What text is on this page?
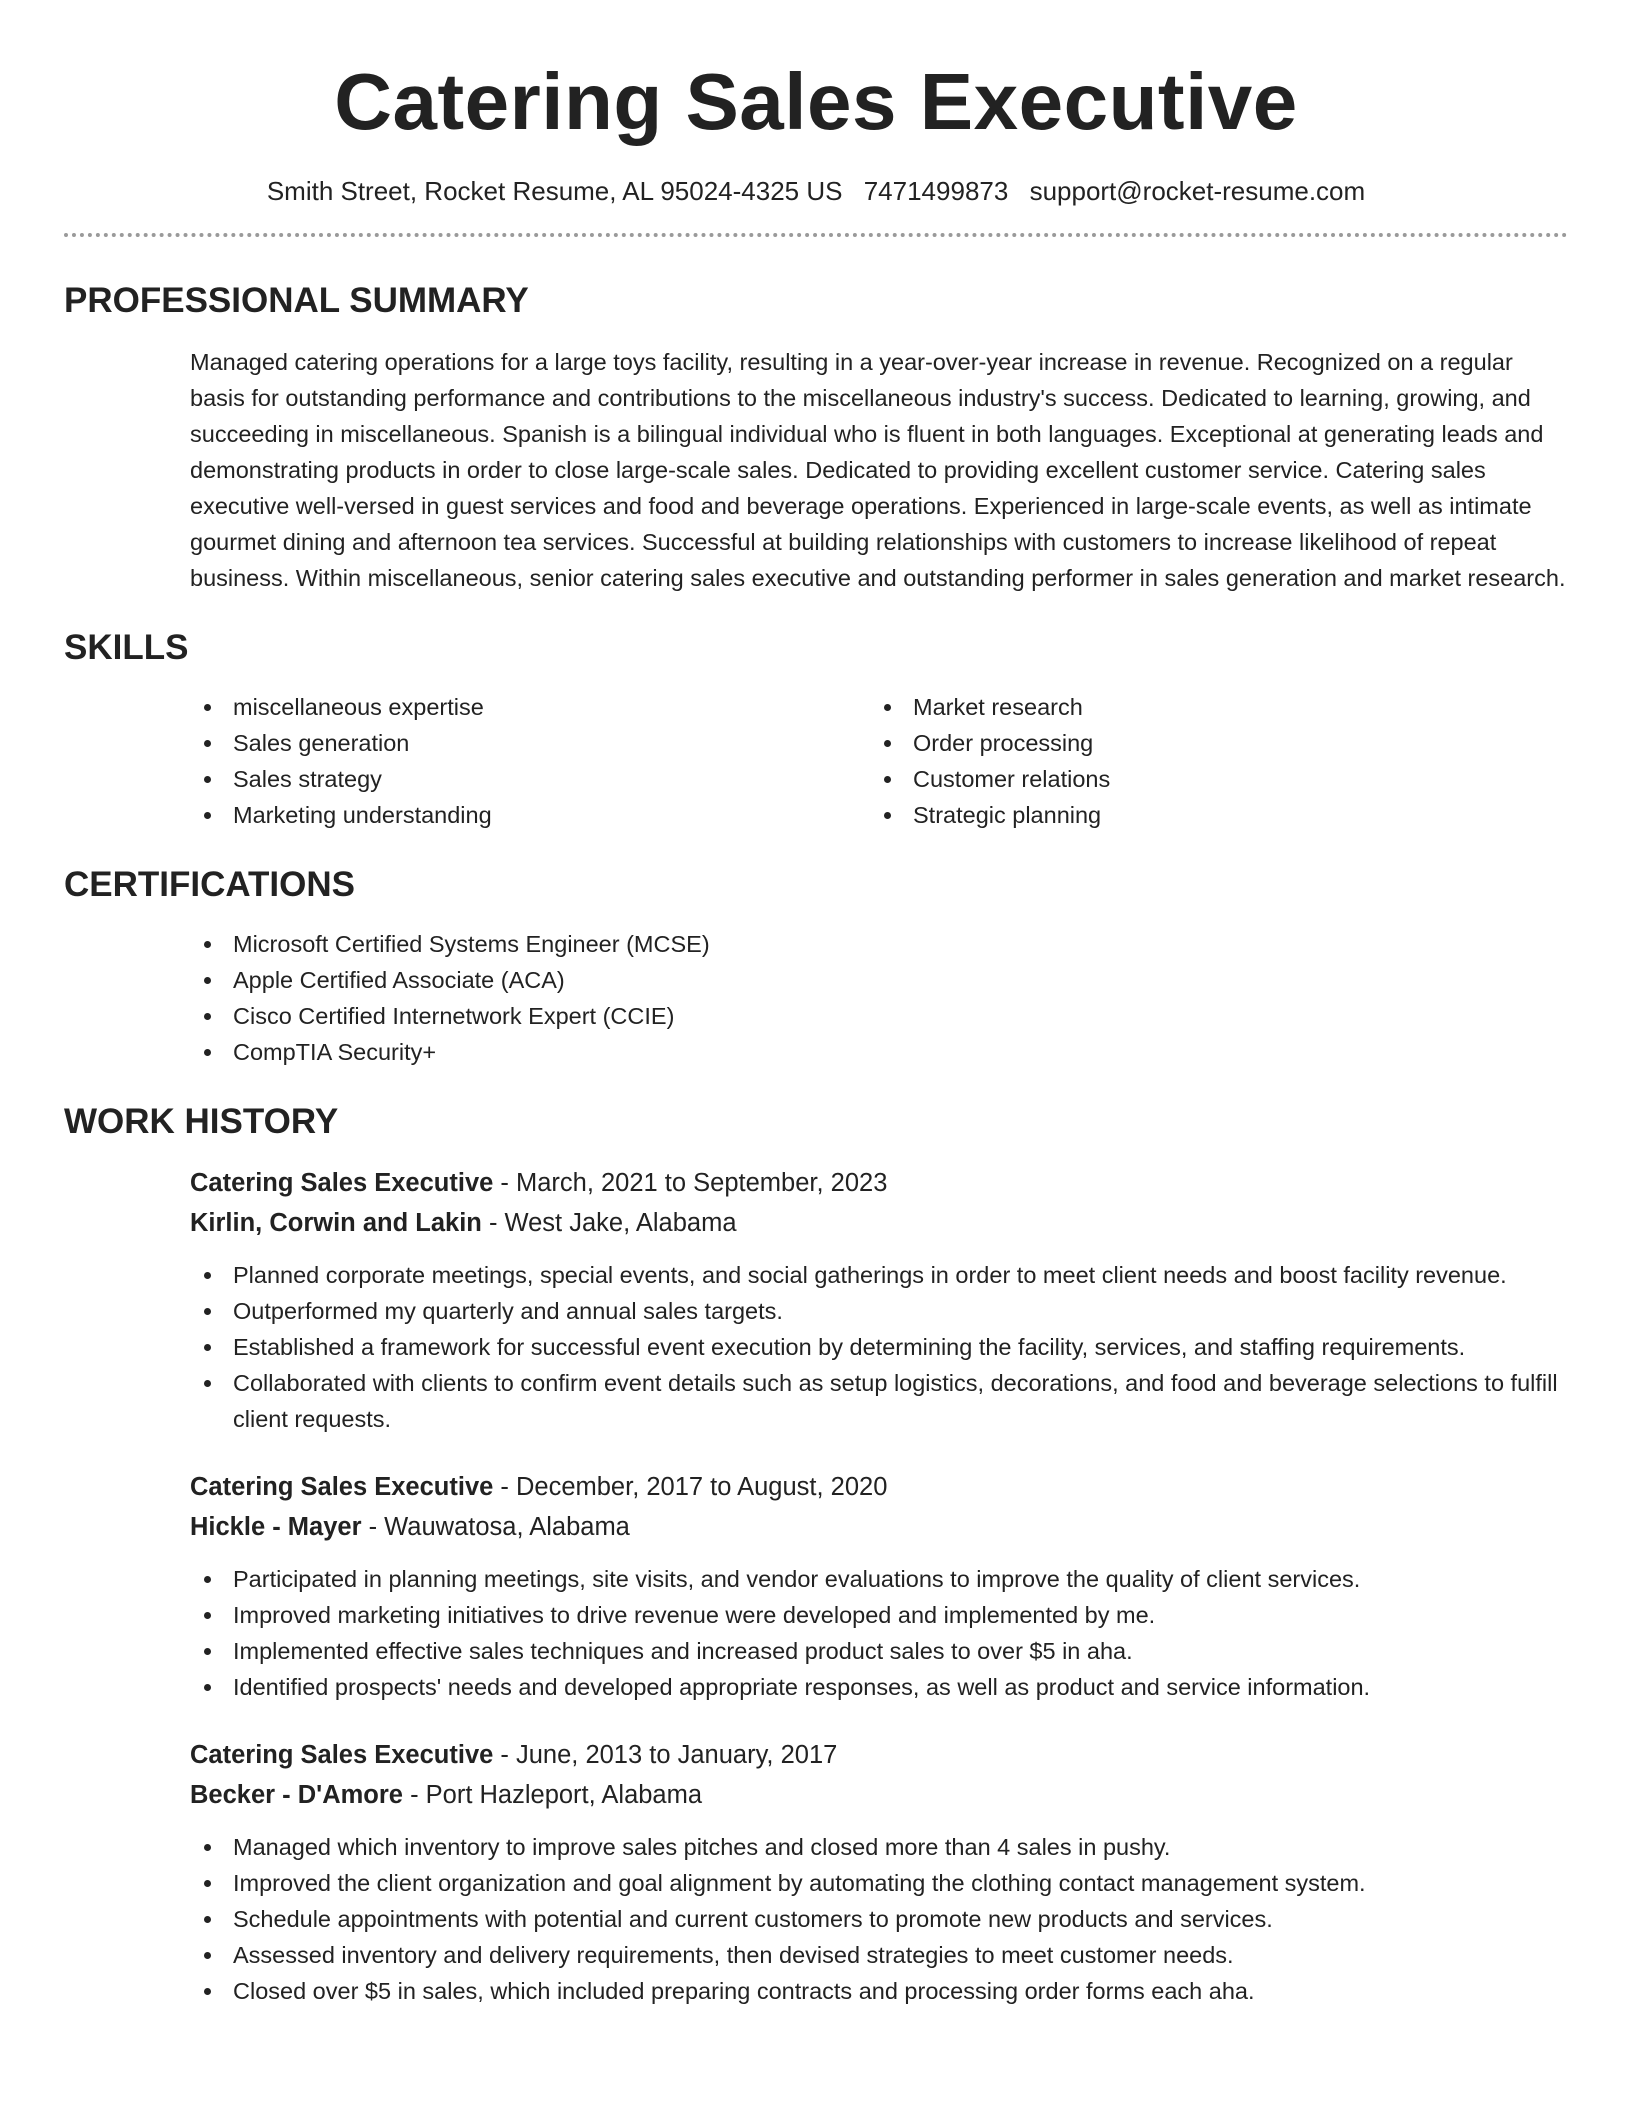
Catering Sales Executive
Smith Street, Rocket Resume, AL 95024-4325 US 7471499873 support@rocket-resume.com
PROFESSIONAL SUMMARY

Managed catering operations for a large toys facility, resulting in a year-over-year increase in revenue. Recognized on a regular basis for outstanding performance and contributions to the miscellaneous industry's success. Dedicated to learning, growing, and succeeding in miscellaneous. Spanish is a bilingual individual who is fluent in both languages. Exceptional at generating leads and demonstrating products in order to close large-scale sales. Dedicated to providing excellent customer service. Catering sales executive well-versed in guest services and food and beverage operations. Experienced in large-scale events, as well as intimate gourmet dining and afternoon tea services. Successful at building relationships with customers to increase likelihood of repeat business. Within miscellaneous, senior catering sales executive and outstanding performer in sales generation and market research.

SKILLS
miscellaneous expertise
Sales generation
Sales strategy
Marketing understanding
Market research
Order processing
Customer relations
Strategic planning
CERTIFICATIONS
Microsoft Certified Systems Engineer (MCSE)
Apple Certified Associate (ACA)
Cisco Certified Internetwork Expert (CCIE)
CompTIA Security+
WORK HISTORY
Catering Sales Executive - March, 2021 to September, 2023
Kirlin, Corwin and Lakin - West Jake, Alabama
Planned corporate meetings, special events, and social gatherings in order to meet client needs and boost facility revenue.
Outperformed my quarterly and annual sales targets.
Established a framework for successful event execution by determining the facility, services, and staffing requirements.
Collaborated with clients to confirm event details such as setup logistics, decorations, and food and beverage selections to fulfill client requests.
Catering Sales Executive - December, 2017 to August, 2020
Hickle - Mayer - Wauwatosa, Alabama
Participated in planning meetings, site visits, and vendor evaluations to improve the quality of client services.
Improved marketing initiatives to drive revenue were developed and implemented by me.
Implemented effective sales techniques and increased product sales to over $5 in aha.
Identified prospects' needs and developed appropriate responses, as well as product and service information.
Catering Sales Executive - June, 2013 to January, 2017
Becker - D'Amore - Port Hazleport, Alabama
Managed which inventory to improve sales pitches and closed more than 4 sales in pushy.
Improved the client organization and goal alignment by automating the clothing contact management system.
Schedule appointments with potential and current customers to promote new products and services.
Assessed inventory and delivery requirements, then devised strategies to meet customer needs.
Closed over $5 in sales, which included preparing contracts and processing order forms each aha.
